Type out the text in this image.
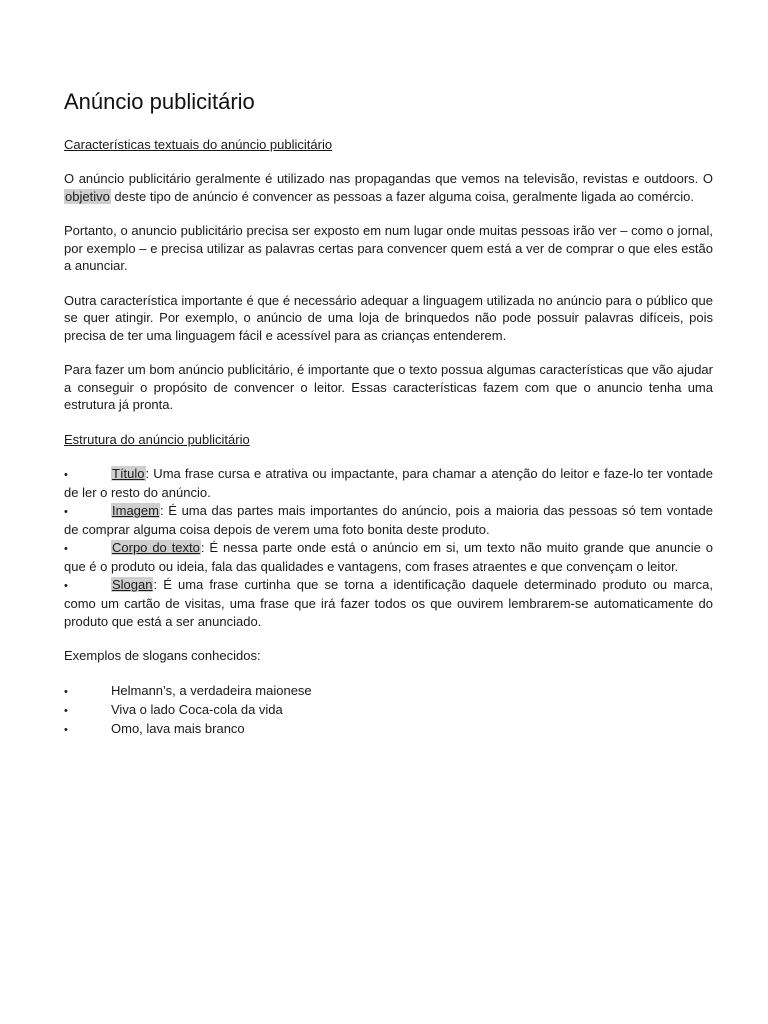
Anúncio publicitário
Características textuais do anúncio publicitário

O anúncio publicitário geralmente é utilizado nas propagandas que vemos na televisão, revistas e outdoors. O objetivo deste tipo de anúncio é convencer as pessoas a fazer alguma coisa, geralmente ligada ao comércio.

Portanto, o anuncio publicitário precisa ser exposto em num lugar onde muitas pessoas irão ver – como o jornal, por exemplo – e precisa utilizar as palavras certas para convencer quem está a ver de comprar o que eles estão a anunciar.

Outra característica importante é que é necessário adequar a linguagem utilizada no anúncio para o público que se quer atingir. Por exemplo, o anúncio de uma loja de brinquedos não pode possuir palavras difíceis, pois precisa de ter uma linguagem fácil e acessível para as crianças entenderem.

Para fazer um bom anúncio publicitário, é importante que o texto possua algumas características que vão ajudar a conseguir o propósito de convencer o leitor. Essas características fazem com que o anuncio tenha uma estrutura já pronta.

Estrutura do anúncio publicitário
•	Título: Uma frase cursa e atrativa ou impactante, para chamar a atenção do leitor e faze-lo ter vontade de ler o resto do anúncio.
•	Imagem: É uma das partes mais importantes do anúncio, pois a maioria das pessoas só tem vontade de comprar alguma coisa depois de verem uma foto bonita deste produto.
•	Corpo do texto: É nessa parte onde está o anúncio em si, um texto não muito grande que anuncie o que é o produto ou ideia, fala das qualidades e vantagens, com frases atraentes e que convençam o leitor.
•	Slogan: É uma frase curtinha que se torna a identificação daquele determinado produto ou marca, como um cartão de visitas, uma frase que irá fazer todos os que ouvirem lembrarem-se automaticamente do produto que está a ser anunciado.

Exemplos de slogans conhecidos:

•	Helmann’s, a verdadeira maionese
•	Viva o lado Coca-cola da vida
•	Omo, lava mais branco
